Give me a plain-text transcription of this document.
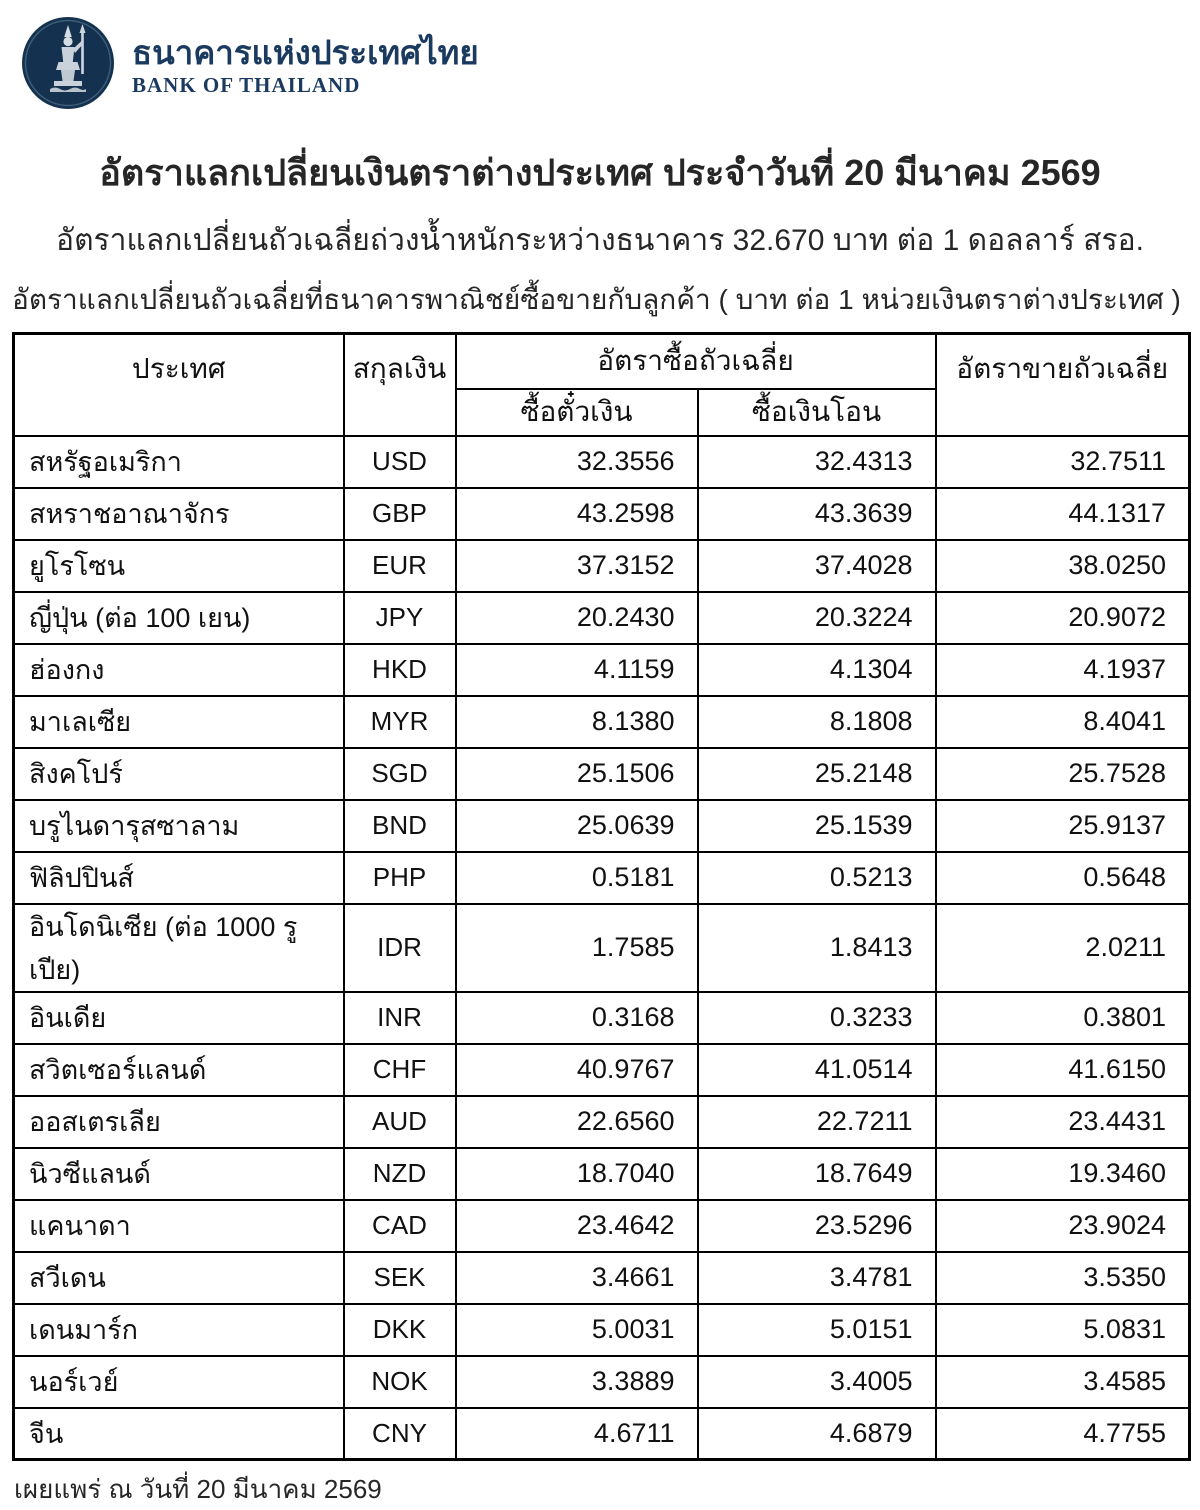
ธนาคารแห่งประเทศไทย
BANK OF THAILAND
อัตราแลกเปลี่ยนเงินตราต่างประเทศ ประจำวันที่ 20 มีนาคม 2569
อัตราแลกเปลี่ยนถัวเฉลี่ยถ่วงน้ำหนักระหว่างธนาคาร 32.670 บาท ต่อ 1 ดอลลาร์ สรอ.
อัตราแลกเปลี่ยนถัวเฉลี่ยที่ธนาคารพาณิชย์ซื้อขายกับลูกค้า ( บาท ต่อ 1 หน่วยเงินตราต่างประเทศ )
ประเทศ	สกุลเงิน	อัตราซื้อถัวเฉลี่ย		อัตราขายถัวเฉลี่ย
		ซื้อตั๋วเงิน	ซื้อเงินโอน	
สหรัฐอเมริกา	USD	32.3556	32.4313	32.7511
สหราชอาณาจักร	GBP	43.2598	43.3639	44.1317
ยูโรโซน	EUR	37.3152	37.4028	38.0250
ญี่ปุ่น (ต่อ 100 เยน)	JPY	20.2430	20.3224	20.9072
ฮ่องกง	HKD	4.1159	4.1304	4.1937
มาเลเซีย	MYR	8.1380	8.1808	8.4041
สิงคโปร์	SGD	25.1506	25.2148	25.7528
บรูไนดารุสซาลาม	BND	25.0639	25.1539	25.9137
ฟิลิปปินส์	PHP	0.5181	0.5213	0.5648
อินโดนิเซีย (ต่อ 1000 รูเปีย)	IDR	1.7585	1.8413	2.0211
อินเดีย	INR	0.3168	0.3233	0.3801
สวิตเซอร์แลนด์	CHF	40.9767	41.0514	41.6150
ออสเตรเลีย	AUD	22.6560	22.7211	23.4431
นิวซีแลนด์	NZD	18.7040	18.7649	19.3460
แคนาดา	CAD	23.4642	23.5296	23.9024
สวีเดน	SEK	3.4661	3.4781	3.5350
เดนมาร์ก	DKK	5.0031	5.0151	5.0831
นอร์เวย์	NOK	3.3889	3.4005	3.4585
จีน	CNY	4.6711	4.6879	4.7755
เผยแพร่ ณ วันที่ 20 มีนาคม 2569
